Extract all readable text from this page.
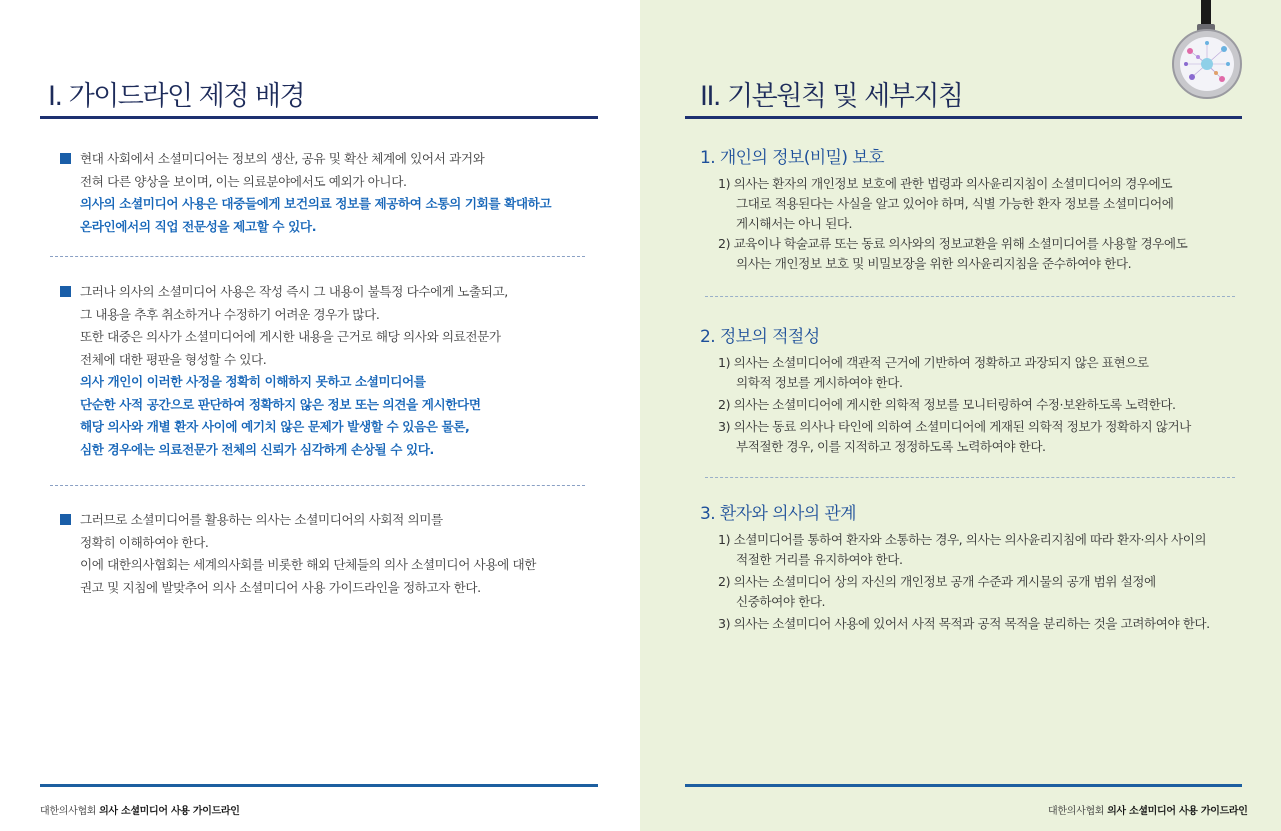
I. 가이드라인 제정 배경
현대 사회에서 소셜미디어는 정보의 생산, 공유 및 확산 체계에 있어서 과거와
전혀 다른 양상을 보이며, 이는 의료분야에서도 예외가 아니다.
의사의 소셜미디어 사용은 대중들에게 보건의료 정보를 제공하여 소통의 기회를 확대하고
온라인에서의 직업 전문성을 제고할 수 있다.
그러나 의사의 소셜미디어 사용은 작성 즉시 그 내용이 불특정 다수에게 노출되고,
그 내용을 추후 취소하거나 수정하기 어려운 경우가 많다.
또한 대중은 의사가 소셜미디어에 게시한 내용을 근거로 해당 의사와 의료전문가
전체에 대한 평판을 형성할 수 있다.
의사 개인이 이러한 사정을 정확히 이해하지 못하고 소셜미디어를
단순한 사적 공간으로 판단하여 정확하지 않은 정보 또는 의견을 게시한다면
해당 의사와 개별 환자 사이에 예기치 않은 문제가 발생할 수 있음은 물론,
심한 경우에는 의료전문가 전체의 신뢰가 심각하게 손상될 수 있다.
그러므로 소셜미디어를 활용하는 의사는 소셜미디어의 사회적 의미를
정확히 이해하여야 한다.
이에 대한의사협회는 세계의사회를 비롯한 해외 단체들의 의사 소셜미디어 사용에 대한
권고 및 지침에 발맞추어 의사 소셜미디어 사용 가이드라인을 정하고자 한다.
대한의사협회 의사 소셜미디어 사용 가이드라인
II. 기본원칙 및 세부지침
1. 개인의 정보(비밀) 보호
1) 의사는 환자의 개인정보 보호에 관한 법령과 의사윤리지침이 소셜미디어의 경우에도
그대로 적용된다는 사실을 알고 있어야 하며, 식별 가능한 환자 정보를 소셜미디어에
게시해서는 아니 된다.
2) 교육이나 학술교류 또는 동료 의사와의 정보교환을 위해 소셜미디어를 사용할 경우에도
의사는 개인정보 보호 및 비밀보장을 위한 의사윤리지침을 준수하여야 한다.
2. 정보의 적절성
1) 의사는 소셜미디어에 객관적 근거에 기반하여 정확하고 과장되지 않은 표현으로
의학적 정보를 게시하여야 한다.
2) 의사는 소셜미디어에 게시한 의학적 정보를 모니터링하여 수정·보완하도록 노력한다.
3) 의사는 동료 의사나 타인에 의하여 소셜미디어에 게재된 의학적 정보가 정확하지 않거나
부적절한 경우, 이를 지적하고 정정하도록 노력하여야 한다.
3. 환자와 의사의 관계
1) 소셜미디어를 통하여 환자와 소통하는 경우, 의사는 의사윤리지침에 따라 환자·의사 사이의
적절한 거리를 유지하여야 한다.
2) 의사는 소셜미디어 상의 자신의 개인정보 공개 수준과 게시물의 공개 범위 설정에
신중하여야 한다.
3) 의사는 소셜미디어 사용에 있어서 사적 목적과 공적 목적을 분리하는 것을 고려하여야 한다.
대한의사협회 의사 소셜미디어 사용 가이드라인
